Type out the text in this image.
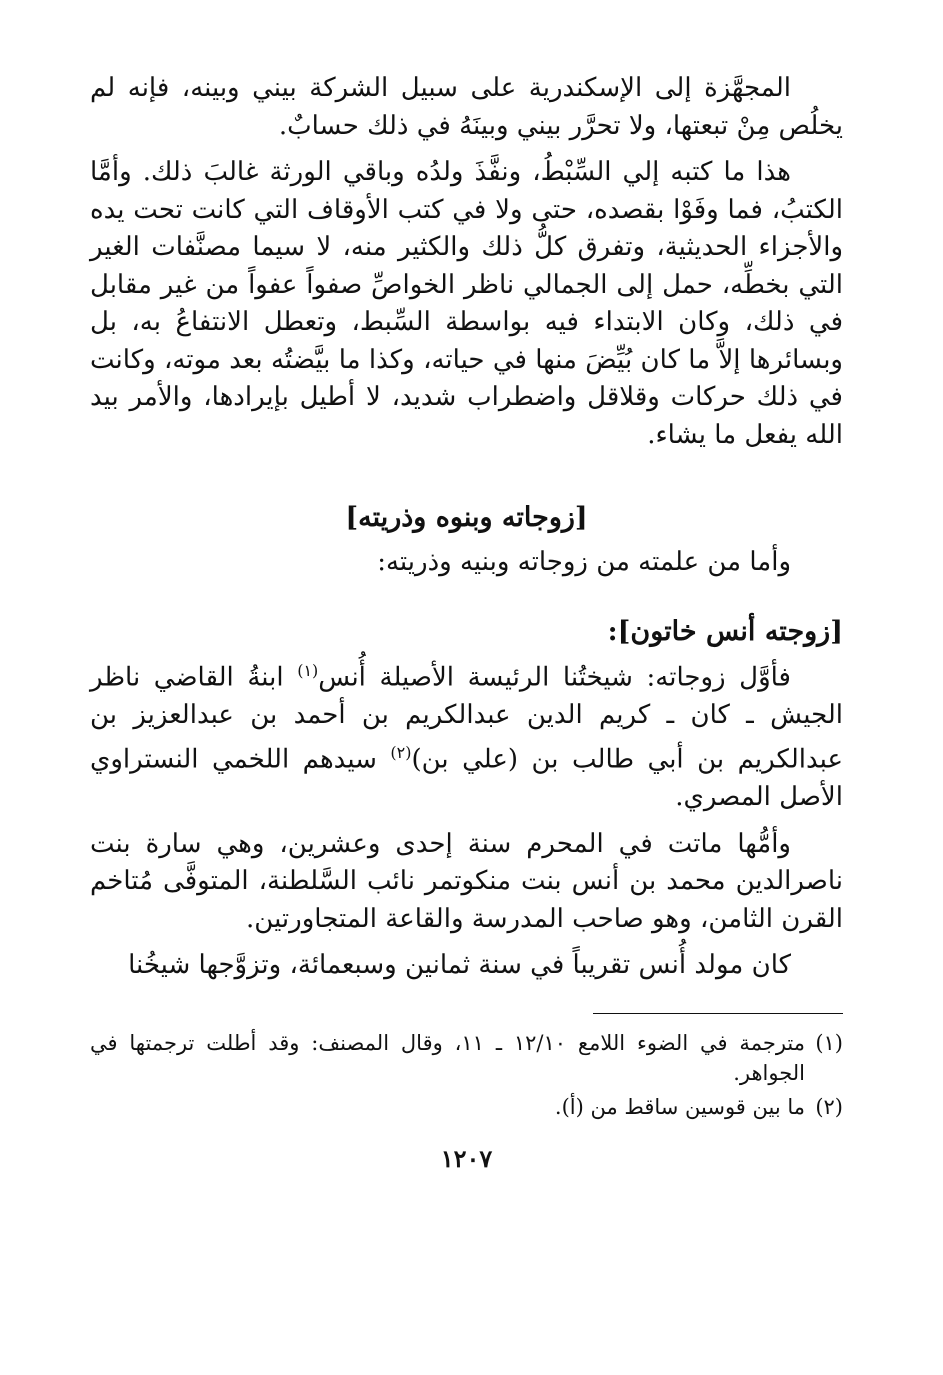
المجهَّزة إلى الإسكندرية على سبيل الشركة بيني وبينه، فإنه لم يخلُص مِنْ تبعتها، ولا تحرَّر بيني وبينَهُ في ذلك حسابٌ.

هذا ما كتبه إلي السِّبْطُ، ونفَّذَ ولدُه وباقي الورثة غالبَ ذلك. وأمَّا الكتبُ، فما وفَوْا بقصده، حتى ولا في كتب الأوقاف التي كانت تحت يده والأجزاء الحديثية، وتفرق كلُّ ذلك والكثير منه، لا سيما مصنَّفات الغير التي بخطِّه، حمل إلى الجمالي ناظر الخواصِّ صفواً عفواً من غير مقابل في ذلك، وكان الابتداء فيه بواسطة السِّبط، وتعطل الانتفاعُ به، بل وبسائرها إلاَّ ما كان بُيِّضَ منها في حياته، وكذا ما بيَّضتُه بعد موته، وكانت في ذلك حركات وقلاقل واضطراب شديد، لا أطيل بإيرادها، والأمر بيد الله يفعل ما يشاء.

[زوجاته وبنوه وذريته]

وأما من علمته من زوجاته وبنيه وذريته:

[زوجته أنس خاتون]:

فأوَّل زوجاته: شيختُنا الرئيسة الأصيلة أُنس$^{(١)}$ ابنةُ القاضي ناظر الجيش ـ كان ـ كريم الدين عبدالكريم بن أحمد بن عبدالعزيز بن عبدالكريم بن أبي طالب بن (علي بن)$^{(٢)}$ سيدهم اللخمي النستراوي الأصل المصري.

وأمُّها ماتت في المحرم سنة إحدى وعشرين، وهي سارة بنت ناصرالدين محمد بن أنس بنت منكوتمر نائب السَّلطنة، المتوفَّى مُتاخم القرن الثامن، وهو صاحب المدرسة والقاعة المتجاورتين.

كان مولد أُنس تقريباً في سنة ثمانين وسبعمائة، وتزوَّجها شيخُنا

(١)مترجمة في الضوء اللامع ١٢/١٠ ـ ١١، وقال المصنف: وقد أطلت ترجمتها في الجواهر.

(٢)ما بين قوسين ساقط من (أ).

١٢٠٧
